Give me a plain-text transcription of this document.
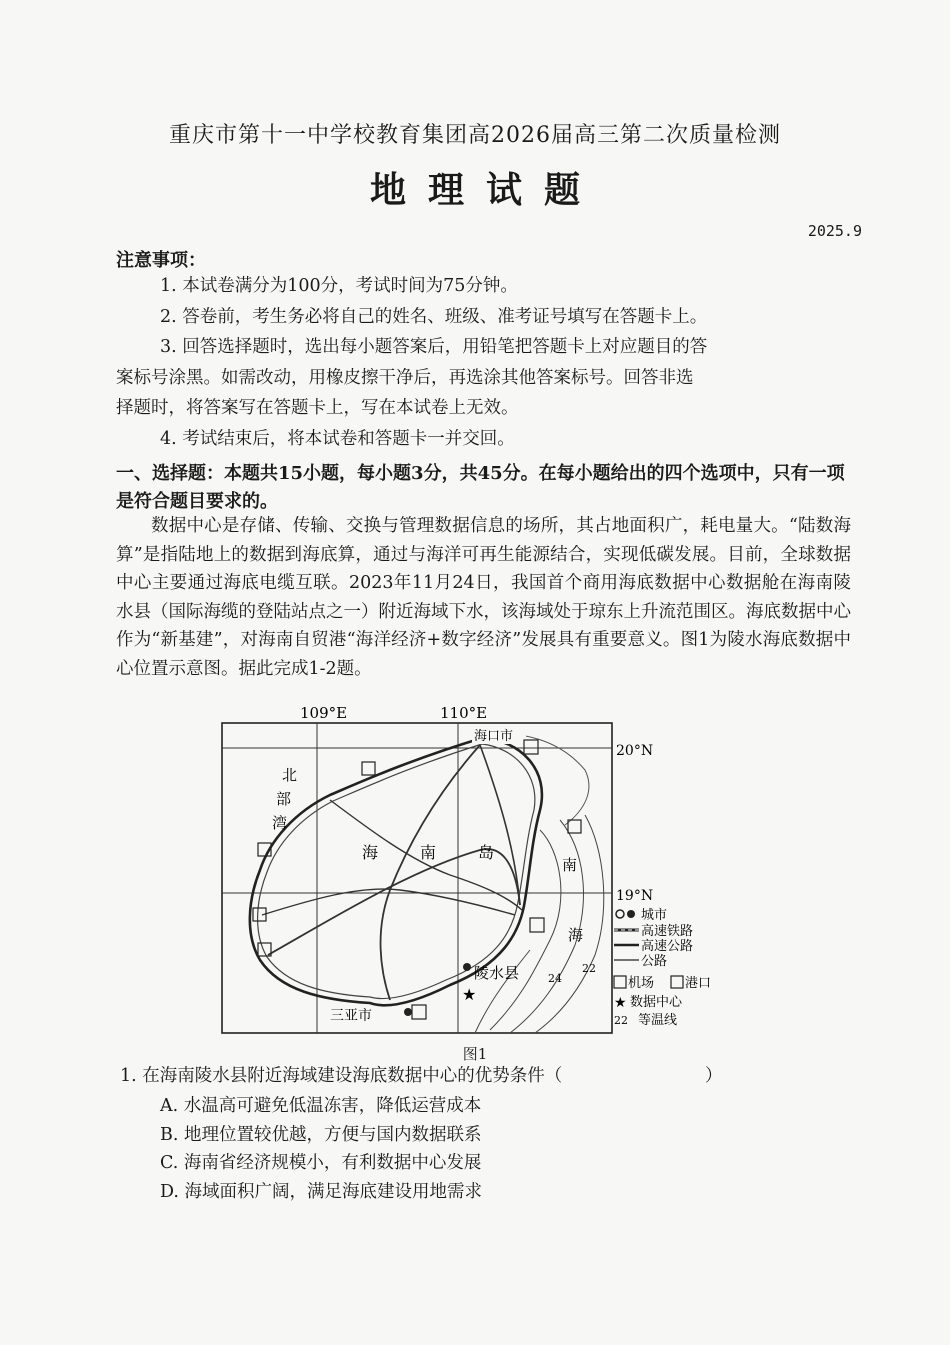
重庆市第十一中学校教育集团高2026届高三第二次质量检测
地理试题
2025.9
注意事项：
1. 本试卷满分为100分，考试时间为75分钟。
2. 答卷前，考生务必将自己的姓名、班级、准考证号填写在答题卡上。
3. 回答选择题时，选出每小题答案后，用铅笔把答题卡上对应题目的答
案标号涂黑。如需改动，用橡皮擦干净后，再选涂其他答案标号。回答非选
择题时，将答案写在答题卡上，写在本试卷上无效。
4. 考试结束后，将本试卷和答题卡一并交回。
一、选择题：本题共15小题，每小题3分，共45分。在每小题给出的四个选项中，只有一项是符合题目要求的。
数据中心是存储、传输、交换与管理数据信息的场所，其占地面积广，耗电量大。“陆数海算”是指陆地上的数据到海底算，通过与海洋可再生能源结合，实现低碳发展。目前，全球数据中心主要通过海底电缆互联。2023年11月24日，我国首个商用海底数据中心数据舱在海南陵水县（国际海缆的登陆站点之一）附近海域下水，该海域处于琼东上升流范围区。海底数据中心作为“新基建”，对海南自贸港“海洋经济+数字经济”发展具有重要意义。图1为陵水海底数据中心位置示意图。据此完成1-2题。
109°E	110°E
20°N
19°N
24
22
北
部
湾
海	南	岛
南
海
海口市
陵水县
三亚市
★
城市
高速铁路
高速公路
公路
机场 港口
★ 数据中心
22 等温线
图1
1. 在海南陵水县附近海域建设海底数据中心的优势条件（	）
A. 水温高可避免低温冻害，降低运营成本
B. 地理位置较优越，方便与国内数据联系
C. 海南省经济规模小，有利数据中心发展
D. 海域面积广阔，满足海底建设用地需求
